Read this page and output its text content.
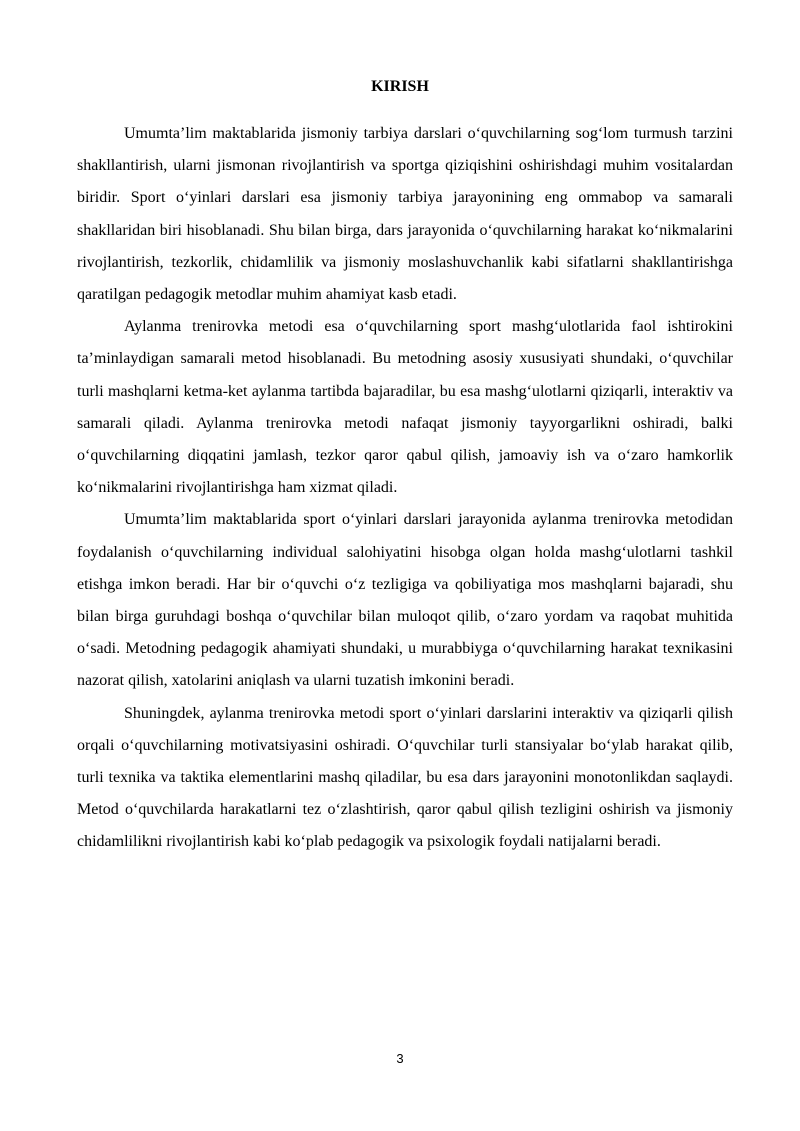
KIRISH

Umumta’lim maktablarida jismoniy tarbiya darslari o‘quvchilarning sog‘lom turmush tarzini shakllantirish, ularni jismonan rivojlantirish va sportga qiziqishini oshirishdagi muhim vositalardan biridir. Sport o‘yinlari darslari esa jismoniy tarbiya jarayonining eng ommabop va samarali shakllaridan biri hisoblanadi. Shu bilan birga, dars jarayonida o‘quvchilarning harakat ko‘nikmalarini rivojlantirish, tezkorlik, chidamlilik va jismoniy moslashuvchanlik kabi sifatlarni shakllantirishga qaratilgan pedagogik metodlar muhim ahamiyat kasb etadi.

Aylanma trenirovka metodi esa o‘quvchilarning sport mashg‘ulotlarida faol ishtirokini ta’minlaydigan samarali metod hisoblanadi. Bu metodning asosiy xususiyati shundaki, o‘quvchilar turli mashqlarni ketma-ket aylanma tartibda bajaradilar, bu esa mashg‘ulotlarni qiziqarli, interaktiv va samarali qiladi. Aylanma trenirovka metodi nafaqat jismoniy tayyorgarlikni oshiradi, balki o‘quvchilarning diqqatini jamlash, tezkor qaror qabul qilish, jamoaviy ish va o‘zaro hamkorlik ko‘nikmalarini rivojlantirishga ham xizmat qiladi.

Umumta’lim maktablarida sport o‘yinlari darslari jarayonida aylanma trenirovka metodidan foydalanish o‘quvchilarning individual salohiyatini hisobga olgan holda mashg‘ulotlarni tashkil etishga imkon beradi. Har bir o‘quvchi o‘z tezligiga va qobiliyatiga mos mashqlarni bajaradi, shu bilan birga guruhdagi boshqa o‘quvchilar bilan muloqot qilib, o‘zaro yordam va raqobat muhitida o‘sadi. Metodning pedagogik ahamiyati shundaki, u murabbiyga o‘quvchilarning harakat texnikasini nazorat qilish, xatolarini aniqlash va ularni tuzatish imkonini beradi.

Shuningdek, aylanma trenirovka metodi sport o‘yinlari darslarini interaktiv va qiziqarli qilish orqali o‘quvchilarning motivatsiyasini oshiradi. O‘quvchilar turli stansiyalar bo‘ylab harakat qilib, turli texnika va taktika elementlarini mashq qiladilar, bu esa dars jarayonini monotonlikdan saqlaydi. Metod o‘quvchilarda harakatlarni tez o‘zlashtirish, qaror qabul qilish tezligini oshirish va jismoniy chidamlilikni rivojlantirish kabi ko‘plab pedagogik va psixologik foydali natijalarni beradi.

3
